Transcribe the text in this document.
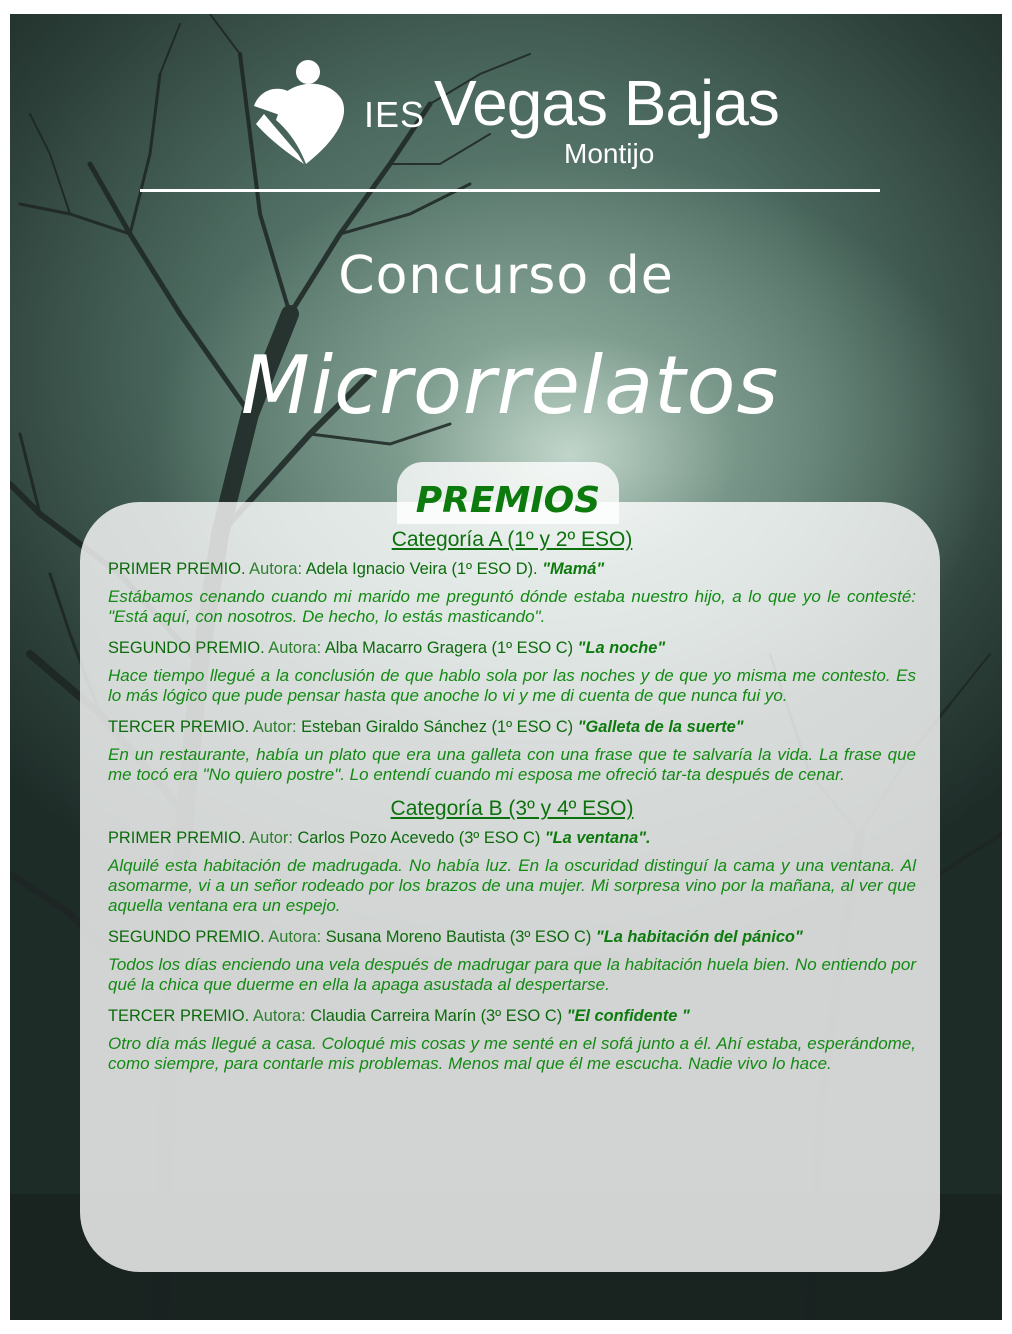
IES Vegas Bajas
Montijo
Concurso de
Microrrelatos
PREMIOS
Categoría A (1º y 2º ESO)
PRIMER PREMIO. Autora: Adela Ignacio Veira (1º ESO D). "Mamá"
Estábamos cenando cuando mi marido me preguntó dónde estaba nuestro hijo, a lo que yo le contesté: "Está aquí, con nosotros. De hecho, lo estás masticando".
SEGUNDO PREMIO. Autora: Alba Macarro Gragera (1º ESO C) "La noche"
Hace tiempo llegué a la conclusión de que hablo sola por las noches y de que yo misma me contesto. Es lo más lógico que pude pensar hasta que anoche lo vi y me di cuenta de que nunca fui yo.
TERCER PREMIO. Autor: Esteban Giraldo Sánchez (1º ESO C) "Galleta de la suerte"
En un restaurante, había un plato que era una galleta con una frase que te salvaría la vida. La frase que me tocó era "No quiero postre". Lo entendí cuando mi esposa me ofreció tar-ta después de cenar.
Categoría B (3º y 4º ESO)
PRIMER PREMIO. Autor: Carlos Pozo Acevedo (3º ESO C) "La ventana".
Alquilé esta habitación de madrugada. No había luz. En la oscuridad distinguí la cama y una ventana. Al asomarme, vi a un señor rodeado por los brazos de una mujer. Mi sorpresa vino por la mañana, al ver que aquella ventana era un espejo.
SEGUNDO PREMIO. Autora: Susana Moreno Bautista (3º ESO C) "La habitación del pánico"
Todos los días enciendo una vela después de madrugar para que la habitación huela bien. No entiendo por qué la chica que duerme en ella la apaga asustada al despertarse.
TERCER PREMIO. Autora: Claudia Carreira Marín (3º ESO C) "El confidente "
Otro día más llegué a casa. Coloqué mis cosas y me senté en el sofá junto a él. Ahí estaba, esperándome, como siempre, para contarle mis problemas. Menos mal que él me escucha. Nadie vivo lo hace.
